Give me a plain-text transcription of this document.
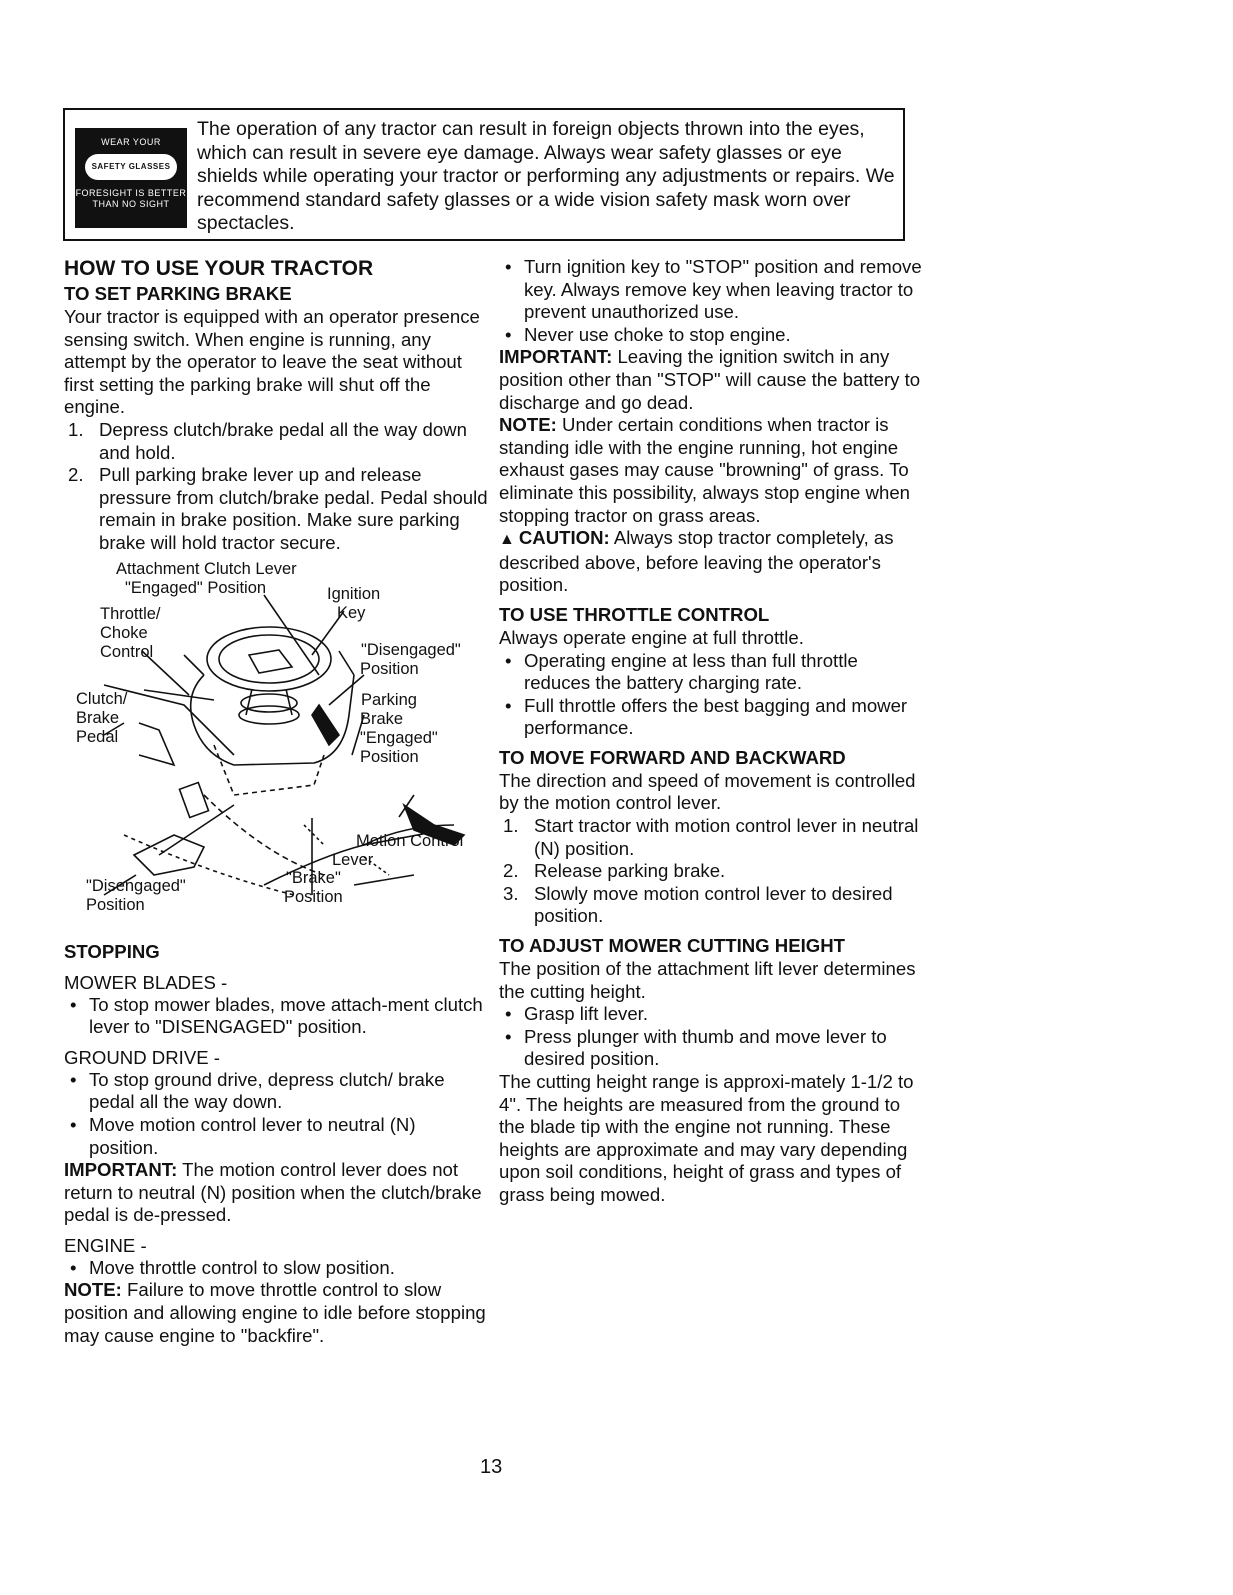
WEAR YOUR
SAFETY GLASSES
FORESIGHT IS BETTER THAN NO SIGHT
The operation of any tractor can result in foreign objects thrown into the eyes, which can result in severe eye damage. Always wear safety glasses or eye shields while operating your tractor or performing any adjustments or repairs. We recommend standard safety glasses or a wide vision safety mask worn over spectacles.
HOW TO USE YOUR TRACTOR
TO SET PARKING BRAKE

Your tractor is equipped with an operator presence sensing switch. When engine is running, any attempt by the operator to leave the seat without first setting the parking brake will shut off the engine.

1. Depress clutch/brake pedal all the way down and hold.
2. Pull parking brake lever up and release pressure from clutch/brake pedal. Pedal should remain in brake position. Make sure parking brake will hold tractor secure.
Attachment Clutch Lever
"Engaged" Position	Ignition
Key
Throttle/
Choke
Control	"Disengaged"
Position
Clutch/
Brake
Pedal
Parking
Brake
"Engaged"
Position
Motion Control
Lever
"Brake"
Position
"Disengaged"
Position
STOPPING

MOWER BLADES -

• To stop mower blades, move attach-ment clutch lever to "DISENGAGED" position.

GROUND DRIVE -

• To stop ground drive, depress clutch/ brake pedal all the way down.
• Move motion control lever to neutral (N) position.

IMPORTANT: The motion control lever does not return to neutral (N) position when the clutch/brake pedal is de-pressed.

ENGINE -

• Move throttle control to slow position.

NOTE: Failure to move throttle control to slow position and allowing engine to idle before stopping may cause engine to "backfire".

• Turn ignition key to "STOP" position and remove key. Always remove key when leaving tractor to prevent unauthorized use.
• Never use choke to stop engine.

IMPORTANT: Leaving the ignition switch in any position other than "STOP" will cause the battery to discharge and go dead.

NOTE: Under certain conditions when tractor is standing idle with the engine running, hot engine exhaust gases may cause "browning" of grass. To eliminate this possibility, always stop engine when stopping tractor on grass areas.

▲ CAUTION: Always stop tractor completely, as described above, before leaving the operator's position.

TO USE THROTTLE CONTROL

Always operate engine at full throttle.

• Operating engine at less than full throttle reduces the battery charging rate.
• Full throttle offers the best bagging and mower performance.
TO MOVE FORWARD AND BACKWARD

The direction and speed of movement is controlled by the motion control lever.

1. Start tractor with motion control lever in neutral (N) position.
2. Release parking brake.
3. Slowly move motion control lever to desired position.
TO ADJUST MOWER CUTTING HEIGHT

The position of the attachment lift lever determines the cutting height.

• Grasp lift lever.
• Press plunger with thumb and move lever to desired position.

The cutting height range is approxi-mately 1-1/2 to 4". The heights are measured from the ground to the blade tip with the engine not running. These heights are approximate and may vary depending upon soil conditions, height of grass and types of grass being mowed.

13
